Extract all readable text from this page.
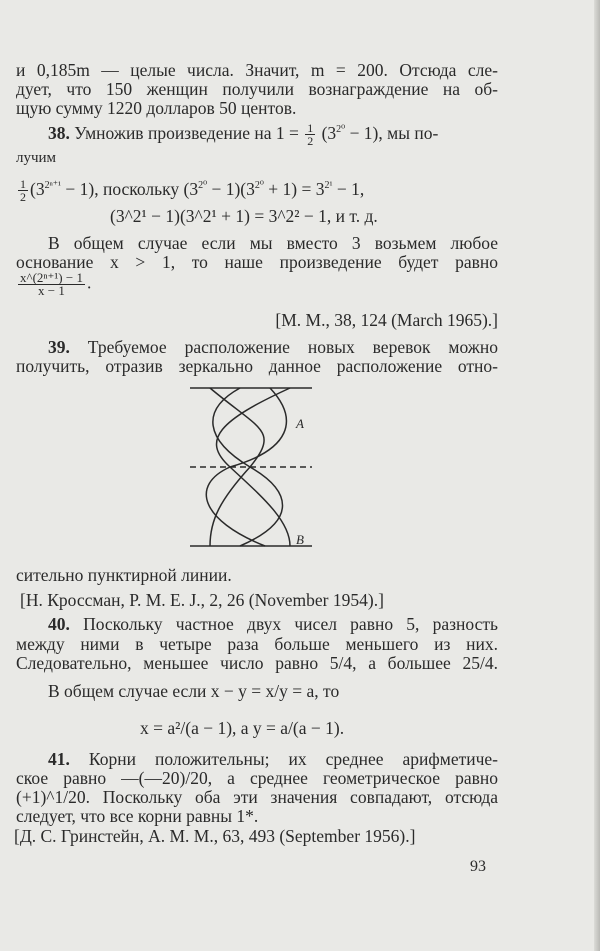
и 0,185m — целые числа. Значит, m = 200. Отсюда сле-
дует, что 150 женщин получили вознаграждение на об-
щую сумму 1220 долларов 50 центов.
38. Умножив произведение на $1 = \frac{1}{2} (3^{2^0} - 1)$, мы по-
лучим
$\frac{1}{2} (3^{2^{n+1}} - 1)$, поскольку $(3^{2^0} - 1)(3^{2^0} + 1) = 3^{2^1} - 1$,
(3^2¹ − 1)(3^2¹ + 1) = 3^2² − 1, и т. д.
В общем случае если мы вместо 3 возьмем любое
основание x > 1, то наше произведение будет равно
$\frac{\text{x\textasciicircum{}(2ⁿ⁺¹) − 1}}{x - 1}$ .
[M. M., 38, 124 (March 1965).]
39. Требуемое расположение новых веревок можно
получить, отразив зеркально данное расположение отно-
A
B
сительно пунктирной линии.
[Н. Кроссман, P. M. E. J., 2, 26 (November 1954).]
40. Поскольку частное двух чисел равно 5, разность
между ними в четыре раза больше меньшего из них.
Следовательно, меньшее число равно 5/4, а большее 25/4.
В общем случае если x − y = x/y = a, то
x = a²/(a − 1), а y = a/(a − 1).
41. Корни положительны; их среднее арифметиче-
ское равно —(—20)/20, а среднее геометрическое равно
(+1)^1/20. Поскольку оба эти значения совпадают, отсюда
следует, что все корни равны 1*.
[Д. С. Гринстейн, A. M. M., 63, 493 (September 1956).]
93
